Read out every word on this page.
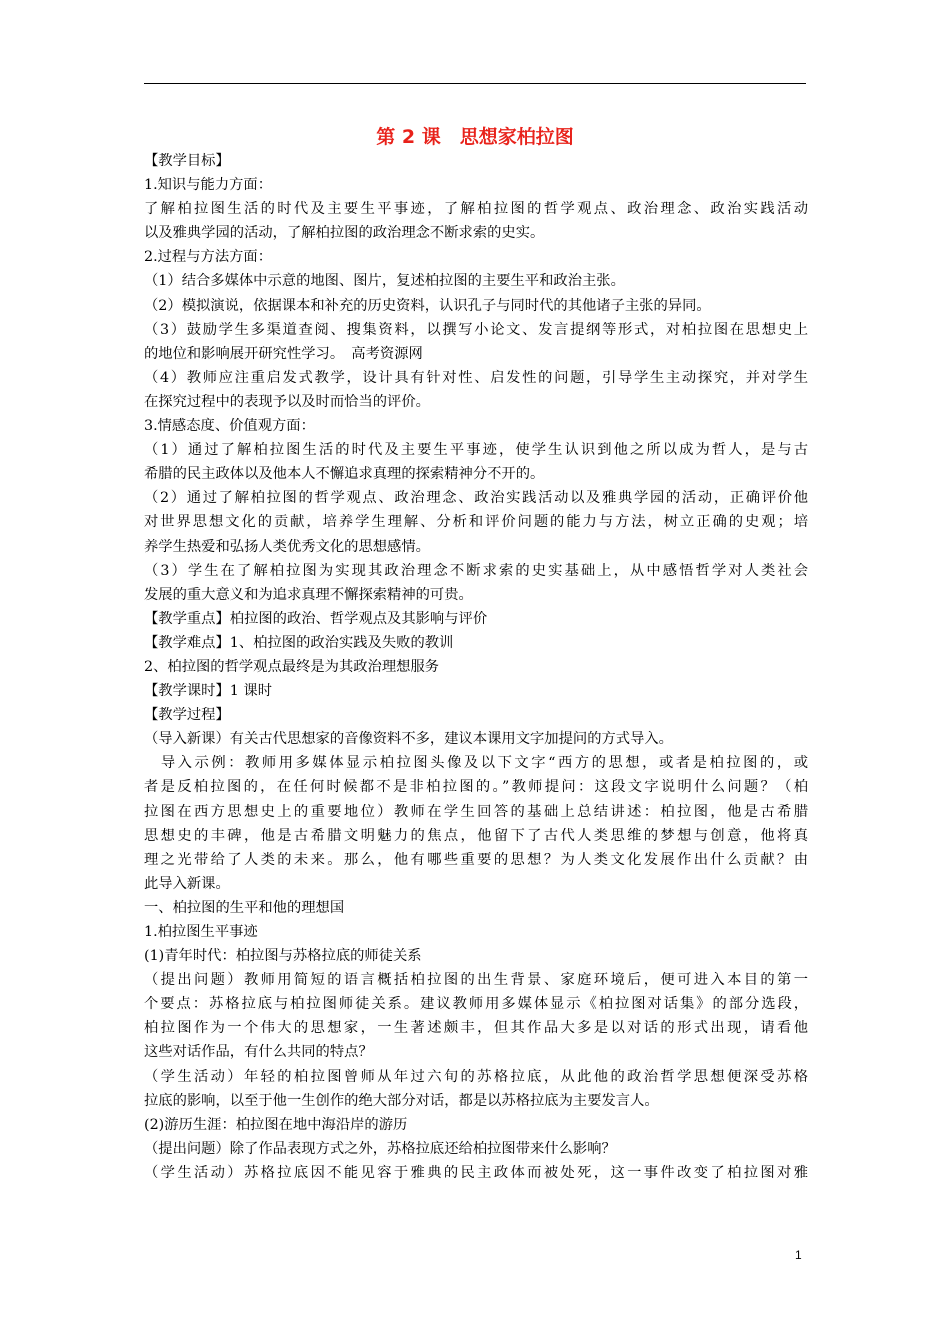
第 2 课　思想家柏拉图
【教学目标】
1.知识与能力方面：
了解柏拉图生活的时代及主要生平事迹，了解柏拉图的哲学观点、政治理念、政治实践活动
以及雅典学园的活动，了解柏拉图的政治理念不断求索的史实。
2.过程与方法方面：
（1）结合多媒体中示意的地图、图片，复述柏拉图的主要生平和政治主张。
（2）模拟演说，依据课本和补充的历史资料，认识孔子与同时代的其他诸子主张的异同。
（3）鼓励学生多渠道查阅、搜集资料，以撰写小论文、发言提纲等形式，对柏拉图在思想史上
的地位和影响展开研究性学习。　高考资源网
（4）教师应注重启发式教学，设计具有针对性、启发性的问题，引导学生主动探究，并对学生
在探究过程中的表现予以及时而恰当的评价。
3.情感态度、价值观方面：
（1）通过了解柏拉图生活的时代及主要生平事迹，使学生认识到他之所以成为哲人，是与古
希腊的民主政体以及他本人不懈追求真理的探索精神分不开的。
（2）通过了解柏拉图的哲学观点、政治理念、政治实践活动以及雅典学园的活动，正确评价他
对世界思想文化的贡献，培养学生理解、分析和评价问题的能力与方法，树立正确的史观；培
养学生热爱和弘扬人类优秀文化的思想感情。
（3）学生在了解柏拉图为实现其政治理念不断求索的史实基础上，从中感悟哲学对人类社会
发展的重大意义和为追求真理不懈探索精神的可贵。
【教学重点】柏拉图的政治、哲学观点及其影响与评价
【教学难点】1、柏拉图的政治实践及失败的教训
2、柏拉图的哲学观点最终是为其政治理想服务
【教学课时】1 课时
【教学过程】
（导入新课）有关古代思想家的音像资料不多，建议本课用文字加提问的方式导入。
　导入示例：教师用多媒体显示柏拉图头像及以下文字“西方的思想，或者是柏拉图的，或
者是反柏拉图的，在任何时候都不是非柏拉图的。”教师提问：这段文字说明什么问题？（柏
拉图在西方思想史上的重要地位）教师在学生回答的基础上总结讲述：柏拉图，他是古希腊
思想史的丰碑，他是古希腊文明魅力的焦点，他留下了古代人类思维的梦想与创意，他将真
理之光带给了人类的未来。那么，他有哪些重要的思想？为人类文化发展作出什么贡献？由
此导入新课。
一、柏拉图的生平和他的理想国
1.柏拉图生平事迹
(1)青年时代：柏拉图与苏格拉底的师徒关系
（提出问题）教师用简短的语言概括柏拉图的出生背景、家庭环境后，便可进入本目的第一
个要点：苏格拉底与柏拉图师徒关系。建议教师用多媒体显示《柏拉图对话集》的部分选段，
柏拉图作为一个伟大的思想家，一生著述颇丰，但其作品大多是以对话的形式出现，请看他
这些对话作品，有什么共同的特点？
（学生活动）年轻的柏拉图曾师从年过六旬的苏格拉底，从此他的政治哲学思想便深受苏格
拉底的影响，以至于他一生创作的绝大部分对话，都是以苏格拉底为主要发言人。
(2)游历生涯：柏拉图在地中海沿岸的游历
（提出问题）除了作品表现方式之外，苏格拉底还给柏拉图带来什么影响？
（学生活动）苏格拉底因不能见容于雅典的民主政体而被处死，这一事件改变了柏拉图对雅
1
